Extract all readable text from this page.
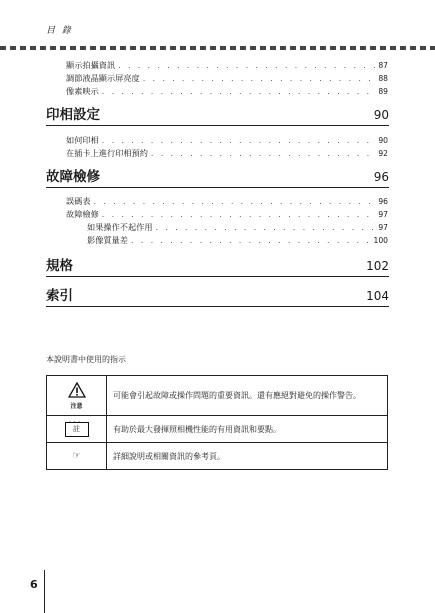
目 錄
顯示拍攝資訊 . . .	87
調節液晶顯示屏亮度 . . .	88
像素映示 . . .	89
印相設定	90
如何印相 . . .	90
在插卡上進行印相預約 . . .	92
故障檢修	96
誤碼表 . . .	96
故障檢修 . . .	97
如果操作不起作用 . . .	97
影像質量差 . . .	100
規格	102
索引	104
本說明書中使用的指示
注意	可能會引起故障或操作問題的重要資訊。還有應絕對避免的操作警告。
• • • 註	有助於最大發揮照相機性能的有用資訊和要點。
☞	詳細說明或相關資訊的參考頁。
6
